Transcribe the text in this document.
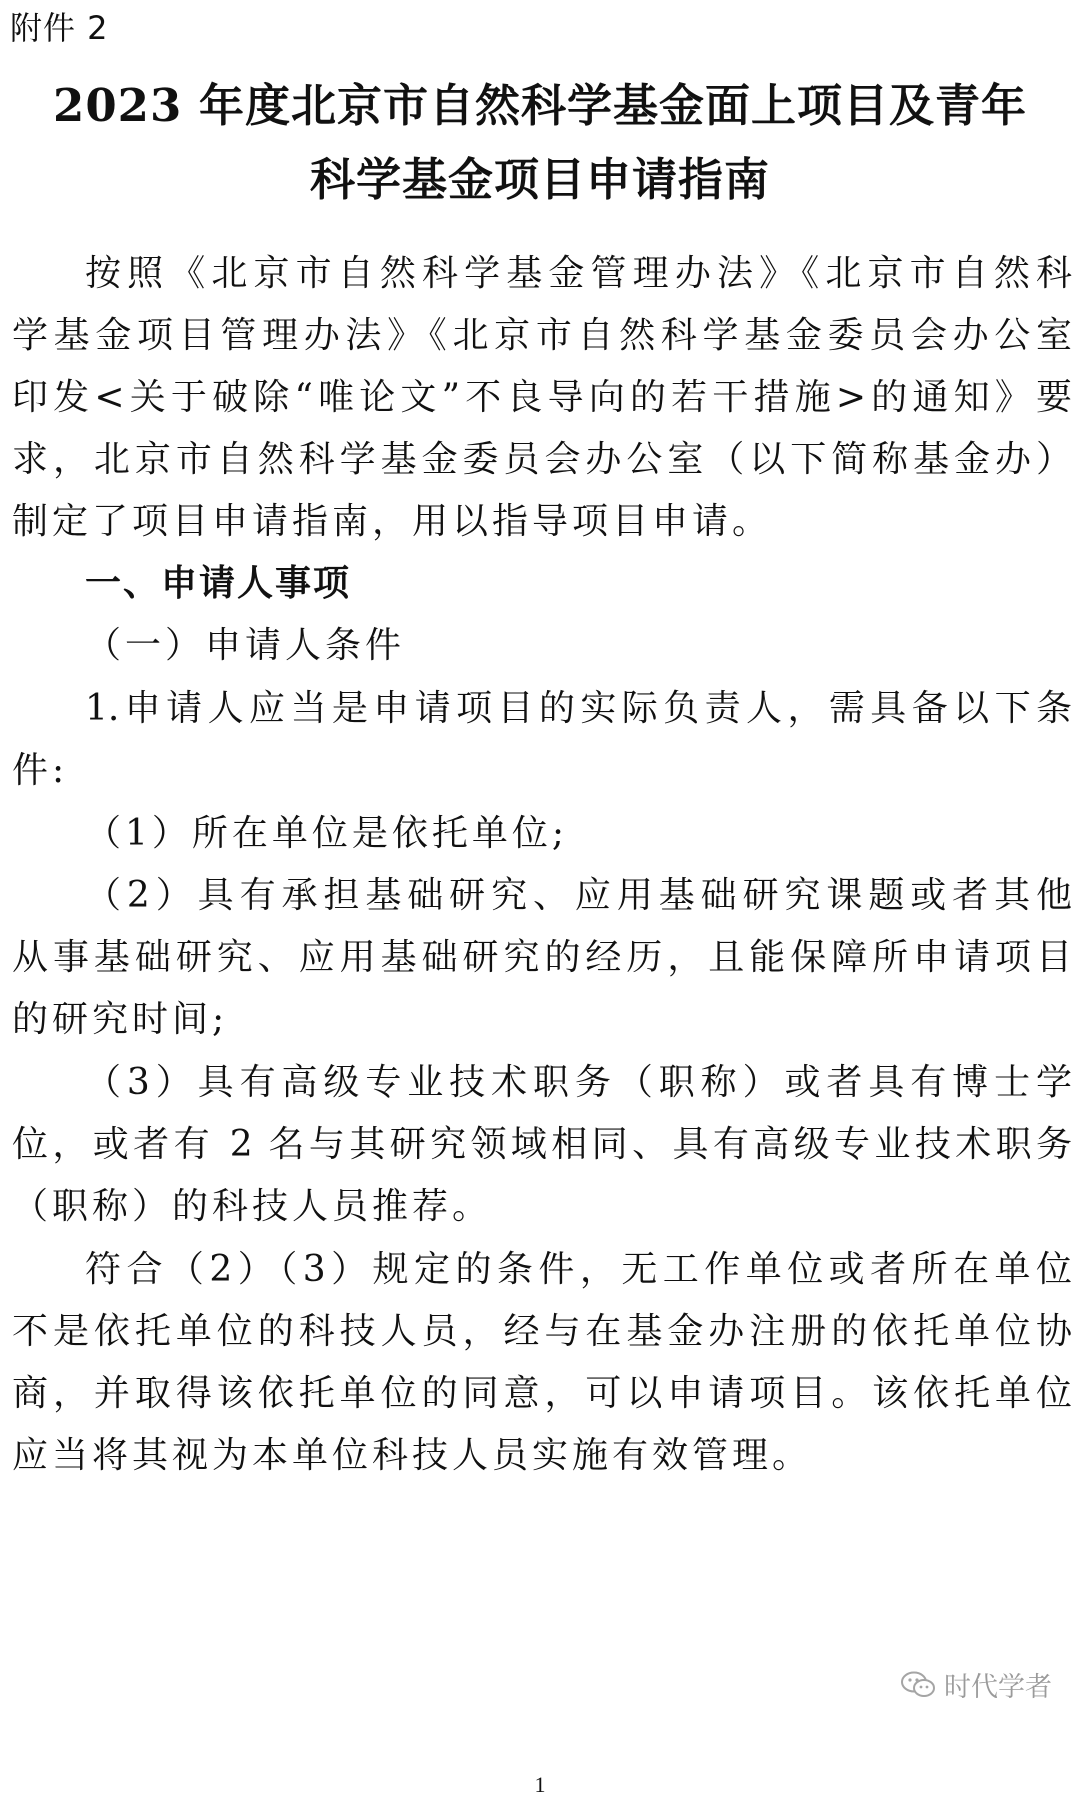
附件 2
2023 年度北京市自然科学基金面上项目及青年
科学基金项目申请指南
按照《北京市自然科学基金管理办法》《北京市自然科
学基金项目管理办法》《北京市自然科学基金委员会办公室
印发<关于破除“唯论文”不良导向的若干措施>的通知》要
求，北京市自然科学基金委员会办公室（以下简称基金办）
制定了项目申请指南，用以指导项目申请。
一、申请人事项
（一）申请人条件
1.申请人应当是申请项目的实际负责人，需具备以下条
件:
（1）所在单位是依托单位;
（2）具有承担基础研究、应用基础研究课题或者其他
从事基础研究、应用基础研究的经历，且能保障所申请项目
的研究时间;
（3）具有高级专业技术职务（职称）或者具有博士学
位，或者有 2 名与其研究领域相同、具有高级专业技术职务
（职称）的科技人员推荐。
符合（2）（3）规定的条件，无工作单位或者所在单位
不是依托单位的科技人员，经与在基金办注册的依托单位协
商，并取得该依托单位的同意，可以申请项目。该依托单位
应当将其视为本单位科技人员实施有效管理。
时代学者
1
